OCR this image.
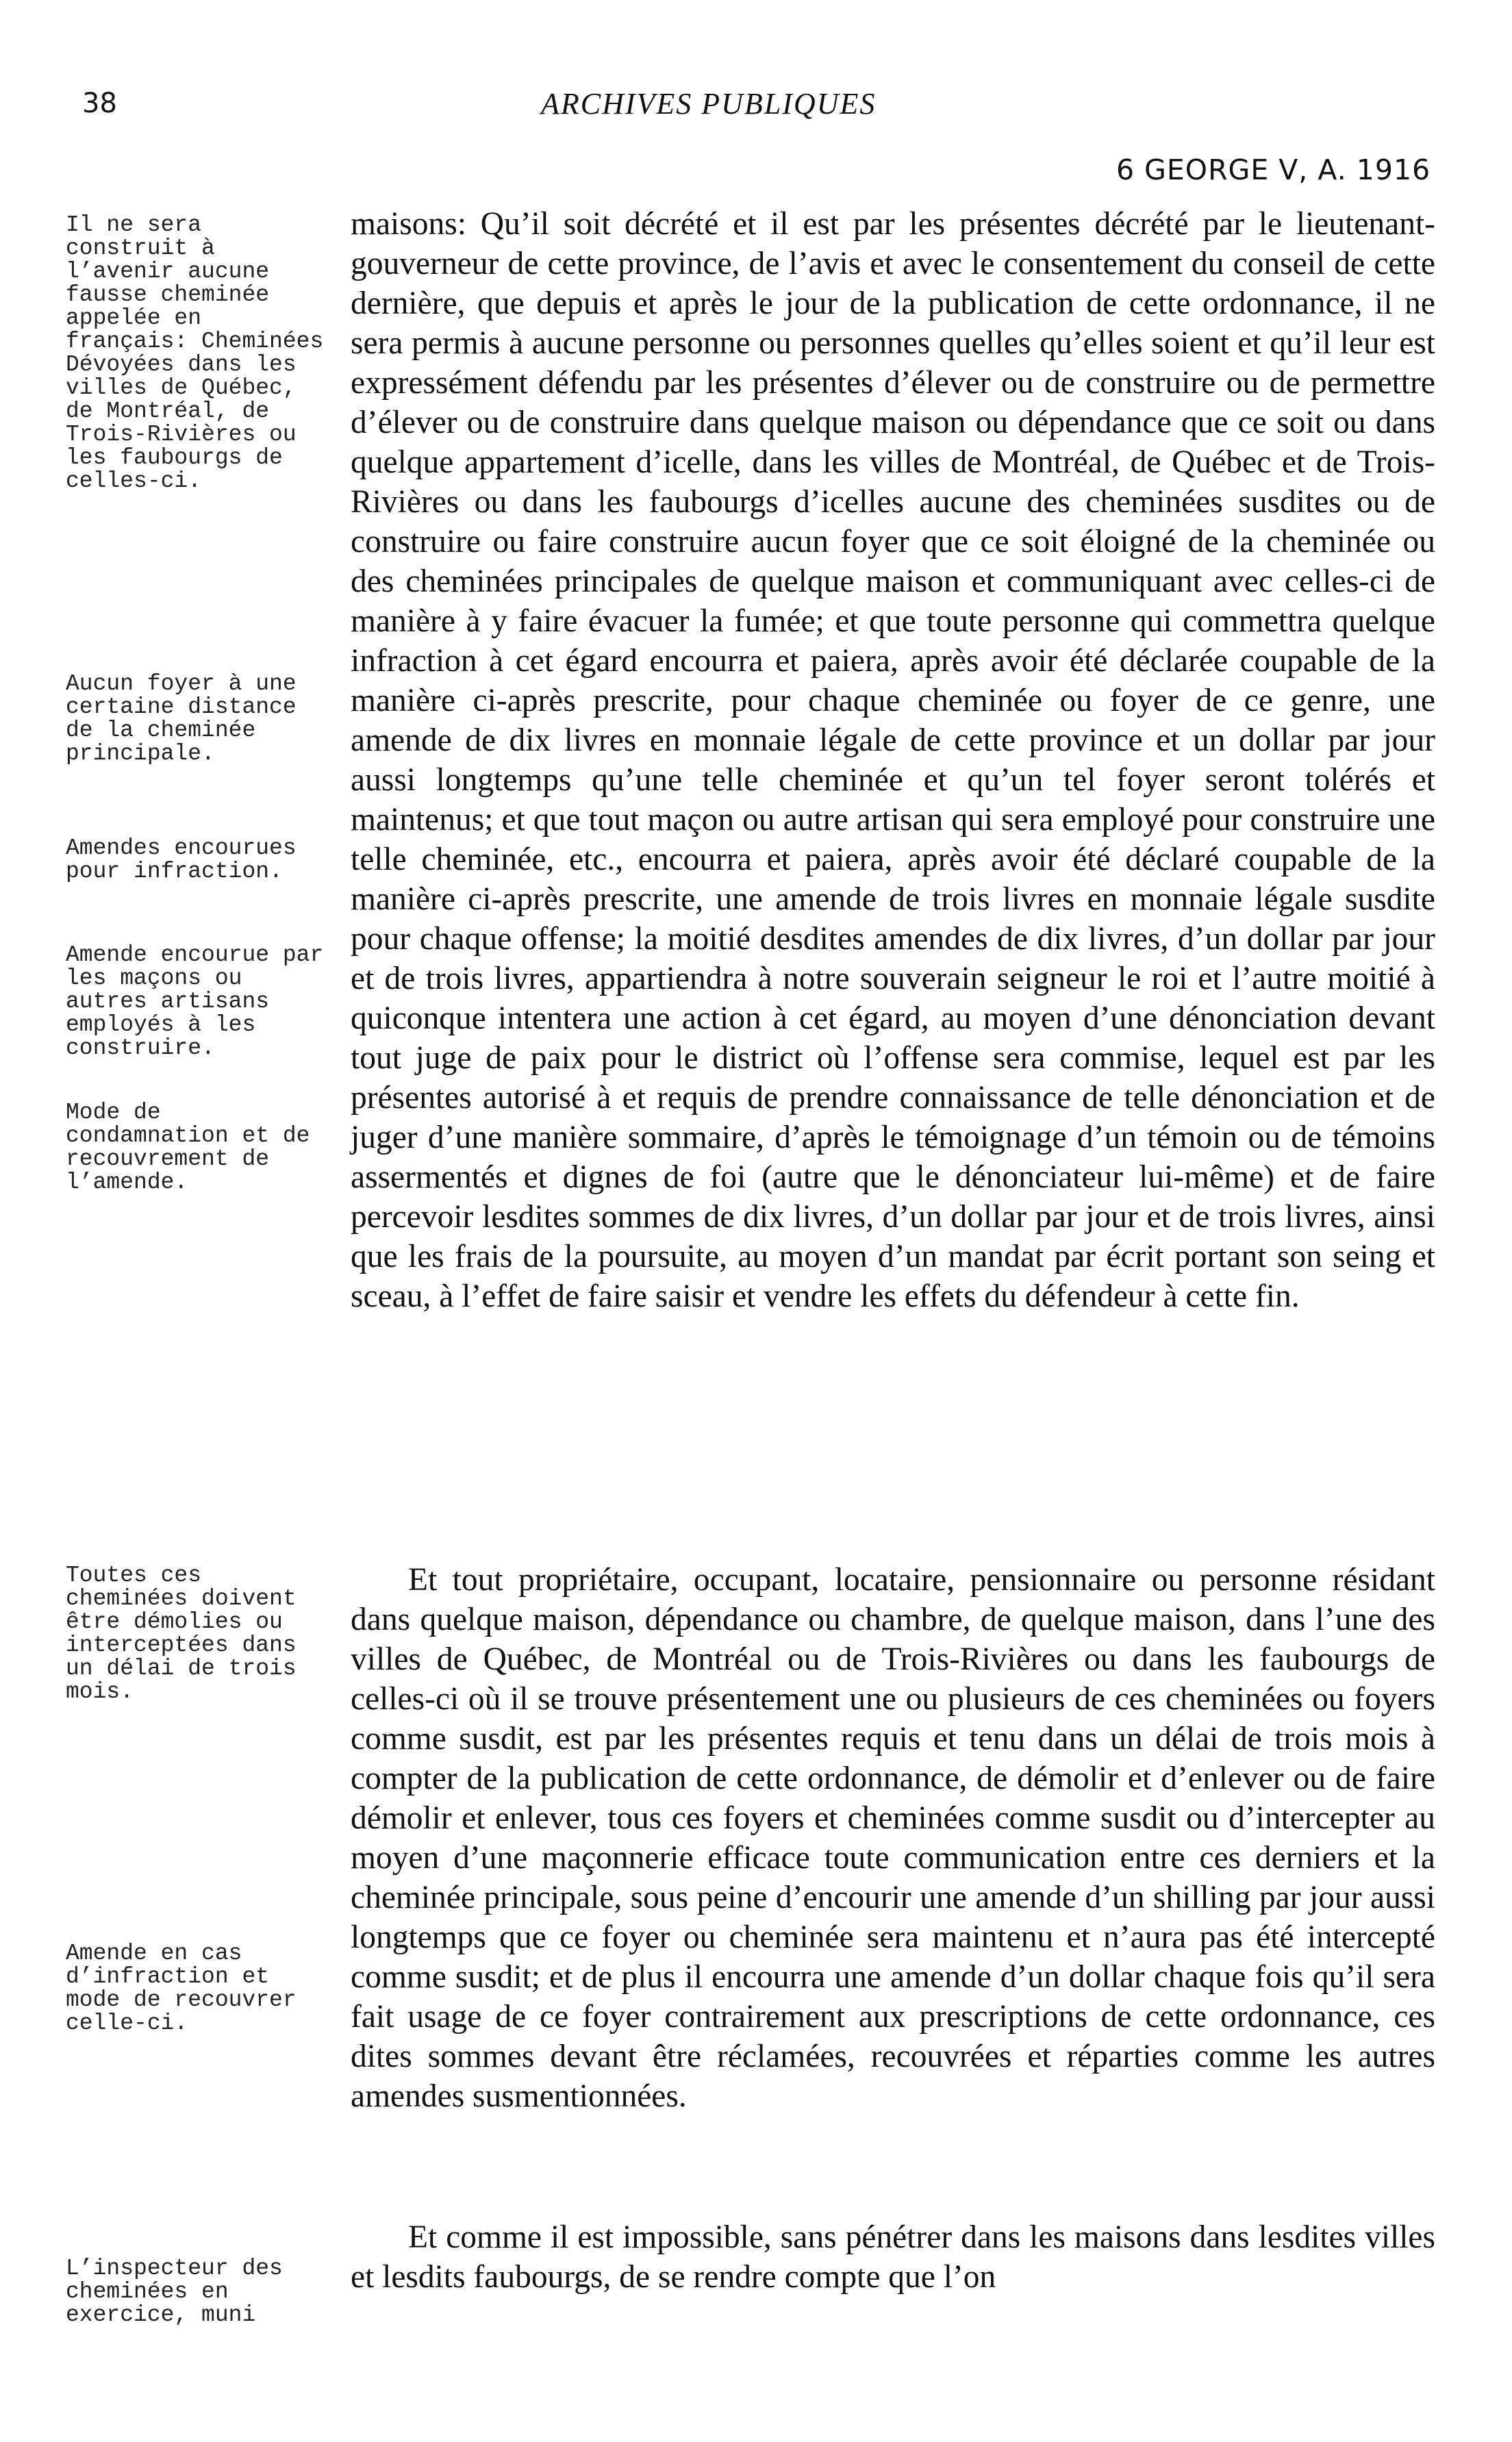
38	ARCHIVES PUBLIQUES
6 GEORGE V, A. 1916

maisons: Qu’il soit décrété et il est par les présentes décrété par le lieutenant-gouverneur de cette province, de l’avis et avec le consentement du conseil de cette dernière, que depuis et après le jour de la publication de cette ordonnance, il ne sera permis à aucune personne ou personnes quelles qu’elles soient et qu’il leur est expressément défendu par les présentes d’élever ou de construire ou de permettre d’élever ou de construire dans quelque maison ou dépendance que ce soit ou dans quelque appartement d’icelle, dans les villes de Montréal, de Québec et de Trois-Rivières ou dans les faubourgs d’icelles aucune des cheminées susdites ou de construire ou faire construire aucun foyer que ce soit éloigné de la cheminée ou des cheminées principales de quelque maison et communiquant avec celles-ci de manière à y faire évacuer la fumée; et que toute personne qui commettra quelque infraction à cet égard encourra et paiera, après avoir été déclarée coupable de la manière ci-après prescrite, pour chaque cheminée ou foyer de ce genre, une amende de dix livres en monnaie légale de cette province et un dollar par jour aussi longtemps qu’une telle cheminée et qu’un tel foyer seront tolérés et maintenus; et que tout maçon ou autre artisan qui sera employé pour construire une telle cheminée, etc., encourra et paiera, après avoir été déclaré coupable de la manière ci-après prescrite, une amende de trois livres en monnaie légale susdite pour chaque offense; la moitié desdites amendes de dix livres, d’un dollar par jour et de trois livres, appartiendra à notre souverain seigneur le roi et l’autre moitié à quiconque intentera une action à cet égard, au moyen d’une dénonciation devant tout juge de paix pour le district où l’offense sera commise, lequel est par les présentes autorisé à et requis de prendre connaissance de telle dénonciation et de juger d’une manière sommaire, d’après le témoignage d’un témoin ou de témoins assermentés et dignes de foi (autre que le dénonciateur lui-même) et de faire percevoir lesdites sommes de dix livres, d’un dollar par jour et de trois livres, ainsi que les frais de la poursuite, au moyen d’un mandat par écrit portant son seing et sceau, à l’effet de faire saisir et vendre les effets du défendeur à cette fin.

Et tout propriétaire, occupant, locataire, pensionnaire ou personne résidant dans quelque maison, dépendance ou chambre, de quelque maison, dans l’une des villes de Québec, de Montréal ou de Trois-Rivières ou dans les faubourgs de celles-ci où il se trouve présentement une ou plusieurs de ces cheminées ou foyers comme susdit, est par les présentes requis et tenu dans un délai de trois mois à compter de la publication de cette ordonnance, de démolir et d’enlever ou de faire démolir et enlever, tous ces foyers et cheminées comme susdit ou d’intercepter au moyen d’une maçonnerie efficace toute communication entre ces derniers et la cheminée principale, sous peine d’encourir une amende d’un shilling par jour aussi longtemps que ce foyer ou cheminée sera maintenu et n’aura pas été intercepté comme susdit; et de plus il encourra une amende d’un dollar chaque fois qu’il sera fait usage de ce foyer contrairement aux prescriptions de cette ordonnance, ces dites sommes devant être réclamées, recouvrées et réparties comme les autres amendes susmentionnées.

Et comme il est impossible, sans pénétrer dans les maisons dans lesdites villes et lesdits faubourgs, de se rendre compte que l’on

Il ne sera construit à l’avenir aucune fausse cheminée appelée en français: Cheminées Dévoyées dans les villes de Québec, de Montréal, de Trois-Rivières ou les faubourgs de celles-ci.

Aucun foyer à une certaine distance de la cheminée principale.

Amendes encourues pour infraction.

Amende encourue par les maçons ou autres artisans employés à les construire.

Mode de condamnation et de recouvrement de l’amende.

Toutes ces cheminées doivent être démolies ou interceptées dans un délai de trois mois.

Amende en cas d’infraction et mode de recouvrer celle-ci.

L’inspecteur des cheminées en exercice, muni
